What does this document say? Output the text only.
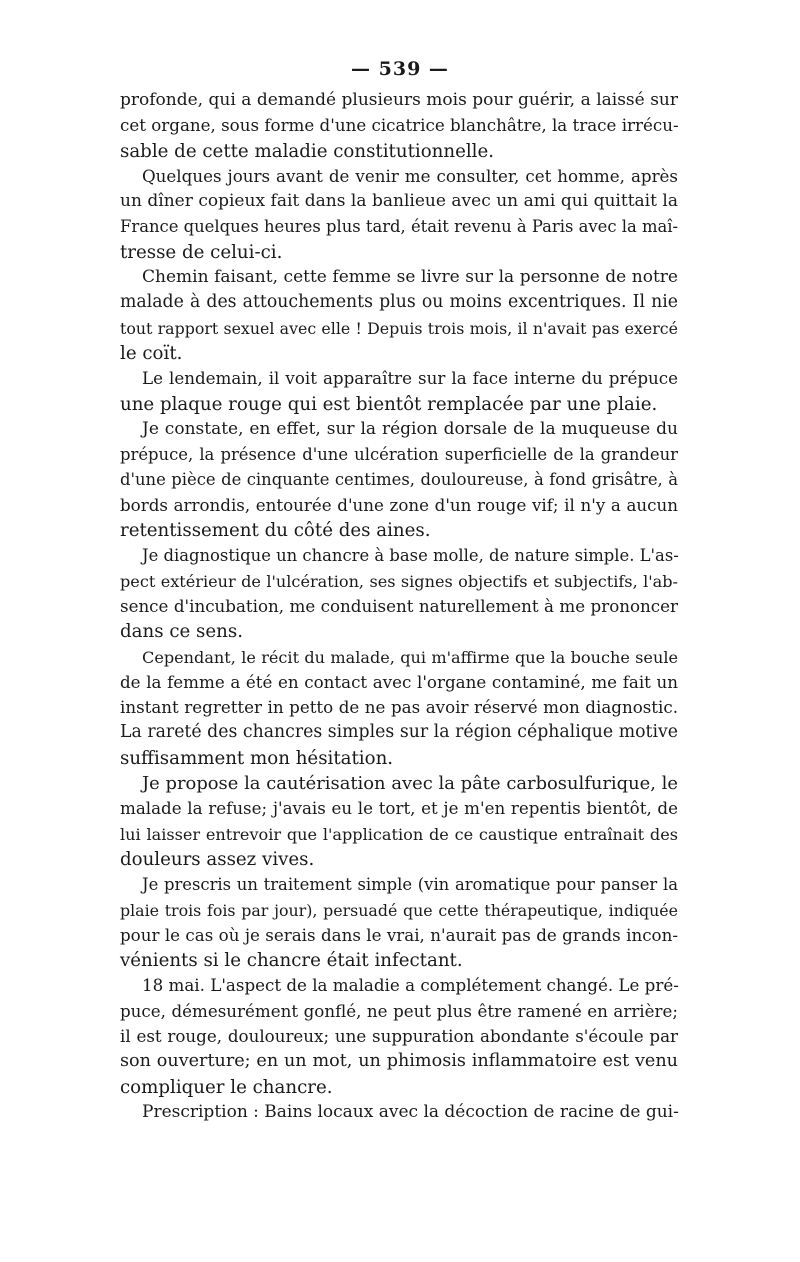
— 539 —
profonde, qui a demandé plusieurs mois pour guérir, a laissé sur
cet organe, sous forme d'une cicatrice blanchâtre, la trace irrécu-
sable de cette maladie constitutionnelle.
Quelques jours avant de venir me consulter, cet homme, après
un dîner copieux fait dans la banlieue avec un ami qui quittait la
France quelques heures plus tard, était revenu à Paris avec la maî-
tresse de celui-ci.
Chemin faisant, cette femme se livre sur la personne de notre
malade à des attouchements plus ou moins excentriques. Il nie
tout rapport sexuel avec elle ! Depuis trois mois, il n'avait pas exercé
le coït.
Le lendemain, il voit apparaître sur la face interne du prépuce
une plaque rouge qui est bientôt remplacée par une plaie.
Je constate, en effet, sur la région dorsale de la muqueuse du
prépuce, la présence d'une ulcération superficielle de la grandeur
d'une pièce de cinquante centimes, douloureuse, à fond grisâtre, à
bords arrondis, entourée d'une zone d'un rouge vif; il n'y a aucun
retentissement du côté des aines.
Je diagnostique un chancre à base molle, de nature simple. L'as-
pect extérieur de l'ulcération, ses signes objectifs et subjectifs, l'ab-
sence d'incubation, me conduisent naturellement à me prononcer
dans ce sens.
Cependant, le récit du malade, qui m'affirme que la bouche seule
de la femme a été en contact avec l'organe contaminé, me fait un
instant regretter in petto de ne pas avoir réservé mon diagnostic.
La rareté des chancres simples sur la région céphalique motive
suffisamment mon hésitation.
Je propose la cautérisation avec la pâte carbosulfurique, le
malade la refuse; j'avais eu le tort, et je m'en repentis bientôt, de
lui laisser entrevoir que l'application de ce caustique entraînait des
douleurs assez vives.
Je prescris un traitement simple (vin aromatique pour panser la
plaie trois fois par jour), persuadé que cette thérapeutique, indiquée
pour le cas où je serais dans le vrai, n'aurait pas de grands incon-
vénients si le chancre était infectant.
18 mai. L'aspect de la maladie a complétement changé. Le pré-
puce, démesurément gonflé, ne peut plus être ramené en arrière;
il est rouge, douloureux; une suppuration abondante s'écoule par
son ouverture; en un mot, un phimosis inflammatoire est venu
compliquer le chancre.
Prescription : Bains locaux avec la décoction de racine de gui-
